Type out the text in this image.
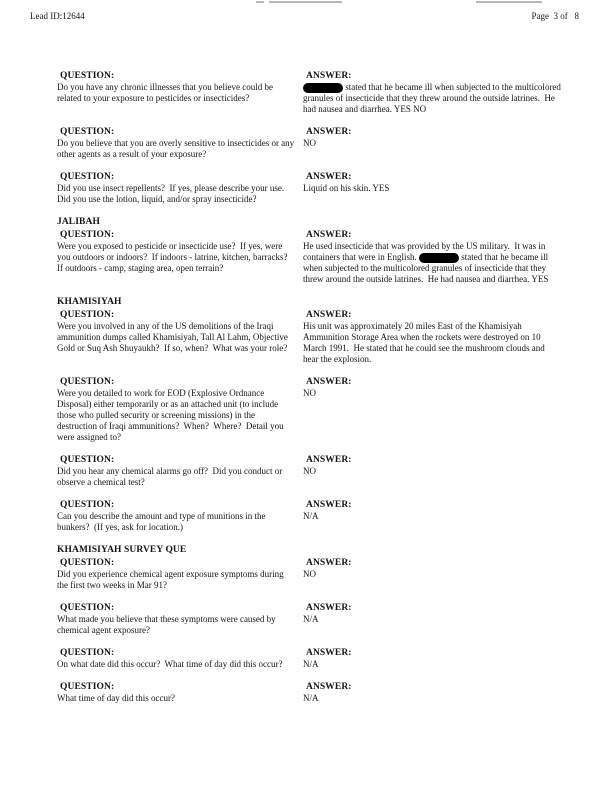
Lead ID:12644	Page  3 of   8
QUESTION:
Do you have any chronic illnesses that you believe could be related to your exposure to pesticides or insecticides?
ANSWER:
stated that he became ill when subjected to the multicolored granules of insecticide that they threw around the outside latrines.  He had nausea and diarrhea. YES NO
QUESTION:
Do you believe that you are overly sensitive to insecticides or any other agents as a result of your exposure?
ANSWER:
NO
QUESTION:
Did you use insect repellents?  If yes, please describe your use.  Did you use the lotion, liquid, and/or spray insecticide?
ANSWER:
Liquid on his skin. YES
JALIBAH
QUESTION:
Were you exposed to pesticide or insecticide use?  If yes, were you outdoors or indoors?  If indoors - latrine, kitchen, barracks?  If outdoors - camp, staging area, open terrain?
ANSWER:
He used insecticide that was provided by the US military.  It was in containers that were in English.	stated that he became ill when subjected to the multicolored granules of insecticide that they threw around the outside latrines.  He had nausea and diarrhea. YES
KHAMISIYAH
QUESTION:
Were you involved in any of the US demolitions of the Iraqi ammunition dumps called Khamisiyah, Tall Al Lahm, Objective Gold or Suq Ash Shuyaukh?  If so, when?  What was your role?
ANSWER:
His unit was approximately 20 miles East of the Khamisiyah Ammunition Storage Area when the rockets were destroyed on 10 March 1991.  He stated that he could see the mushroom clouds and hear the explosion.
QUESTION:
Were you detailed to work for EOD (Explosive Ordnance Disposal) either temporarily or as an attached unit (to include those who pulled security or screening missions) in the destruction of Iraqi ammunitions?  When?  Where?  Detail you were assigned to?
ANSWER:
NO
QUESTION:
Did you hear any chemical alarms go off?  Did you conduct or observe a chemical test?
ANSWER:
NO
QUESTION:
Can you describe the amount and type of munitions in the bunkers?  (If yes, ask for location.)
ANSWER:
N/A
KHAMISIYAH SURVEY QUE
QUESTION:
Did you experience chemical agent exposure symptoms during the first two weeks in Mar 91?
ANSWER:
NO
QUESTION:
What made you believe that these symptoms were caused by chemical agent exposure?
ANSWER:
N/A
QUESTION:
On what date did this occur?  What time of day did this occur?
ANSWER:
N/A
QUESTION:
What time of day did this occur?
ANSWER:
N/A
